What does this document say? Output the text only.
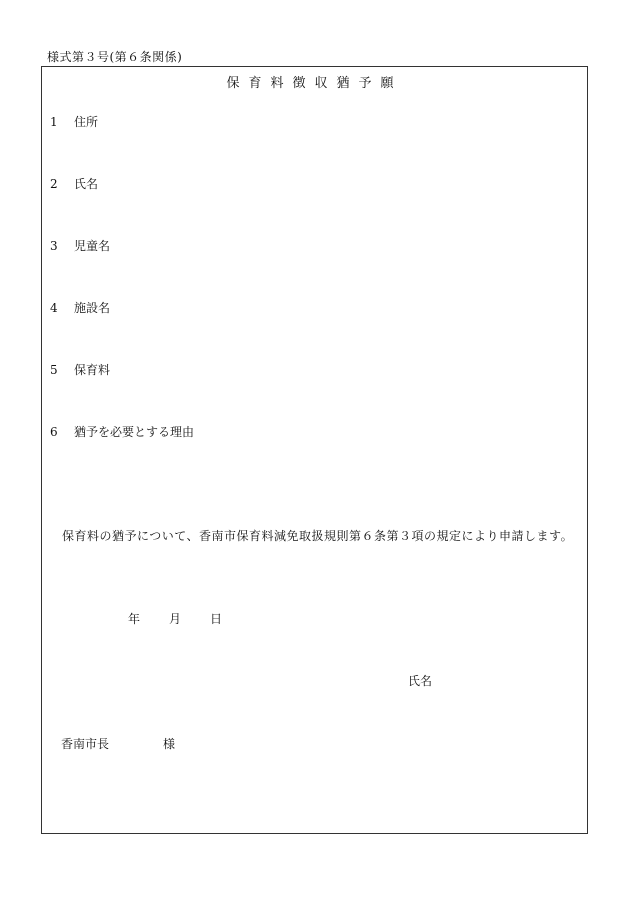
様式第３号(第６条関係)
保育料徴収猶予願
1 住所
2 氏名
3 児童名
4 施設名
5 保育料
6 猶予を必要とする理由
保育料の猶予について、香南市保育料減免取扱規則第６条第３項の規定により申請します。
年 月 日
氏名
香南市長	様
